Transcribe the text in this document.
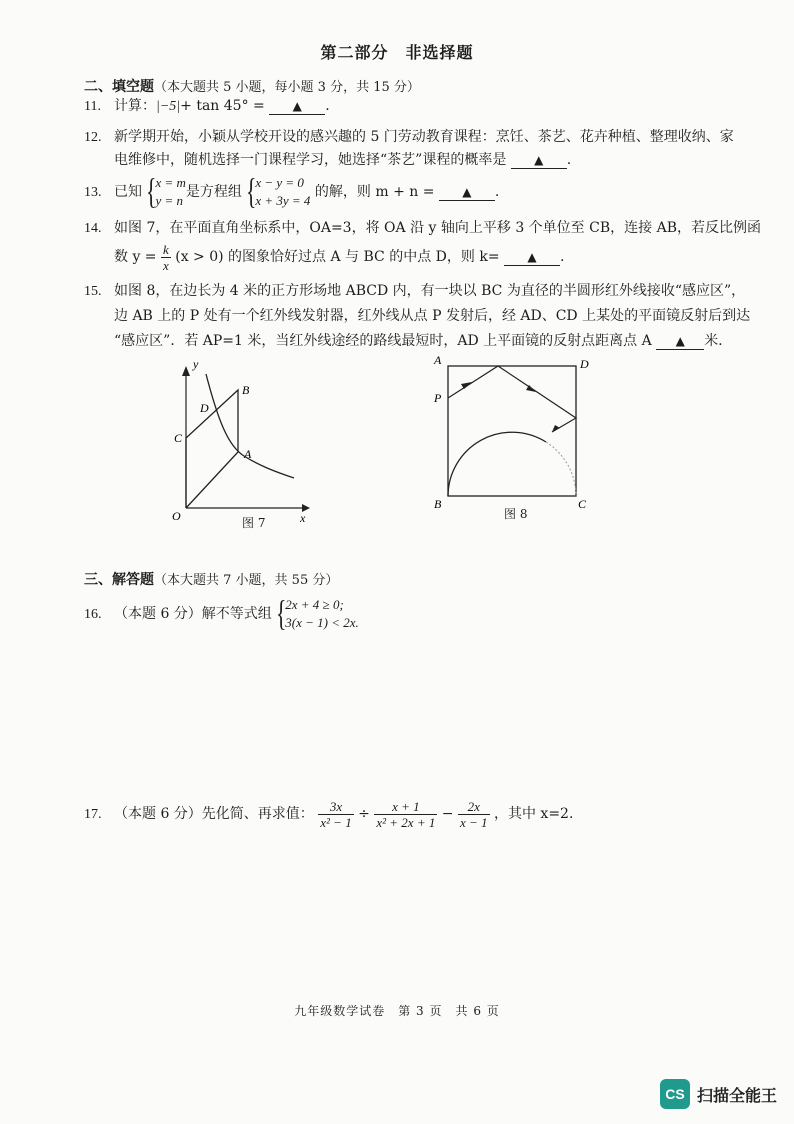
第二部分　非选择题
二、填空题（本大题共 5 小题，每小题 3 分，共 15 分）
11. 计算：|−5|+ tan 45° = ▲ .
12. 新学期开始，小颖从学校开设的感兴趣的 5 门劳动教育课程：烹饪、茶艺、花卉种植、整理收纳、家
电维修中，随机选择一门课程学习，她选择“茶艺”课程的概率是 ▲ .
13. 已知 {
x = m
y = n
是方程组 {
x − y = 0
x + 3y = 4
的解，则 m + n = ▲ .
14. 如图 7，在平面直角坐标系中，OA=3，将 OA 沿 y 轴向上平移 3 个单位至 CB，连接 AB，若反比例函
数 $y = \frac{k}{x} (x > 0)$ 的图象恰好过点 A 与 BC 的中点 D，则 k= ▲ .
15. 如图 8，在边长为 4 米的正方形场地 ABCD 内，有一块以 BC 为直径的半圆形红外线接收“感应区”，
边 AB 上的 P 处有一个红外线发射器，红外线从点 P 发射后，经 AD、CD 上某处的平面镜反射后到达
“感应区”．若 AP=1 米，当红外线途经的路线最短时，AD 上平面镜的反射点距离点 A ▲ 米.
y
x
O
A
B
C
D
图 7
A	D
P
B	C
图 8
三、解答题（本大题共 7 小题，共 55 分）
16. （本题 6 分）解不等式组 {
2x + 4 ≥ 0;
3(x − 1) < 2x.
17. （本题 6 分）先化简、再求值： $\frac{3x}{\text{x² − 1}} \div \frac{x + 1}{\text{x² + 2x + 1}} - \frac{2x}{x - 1}$ ，其中 x=2.
九年级数学试卷　第 3 页　共 6 页
CS 扫描全能王
